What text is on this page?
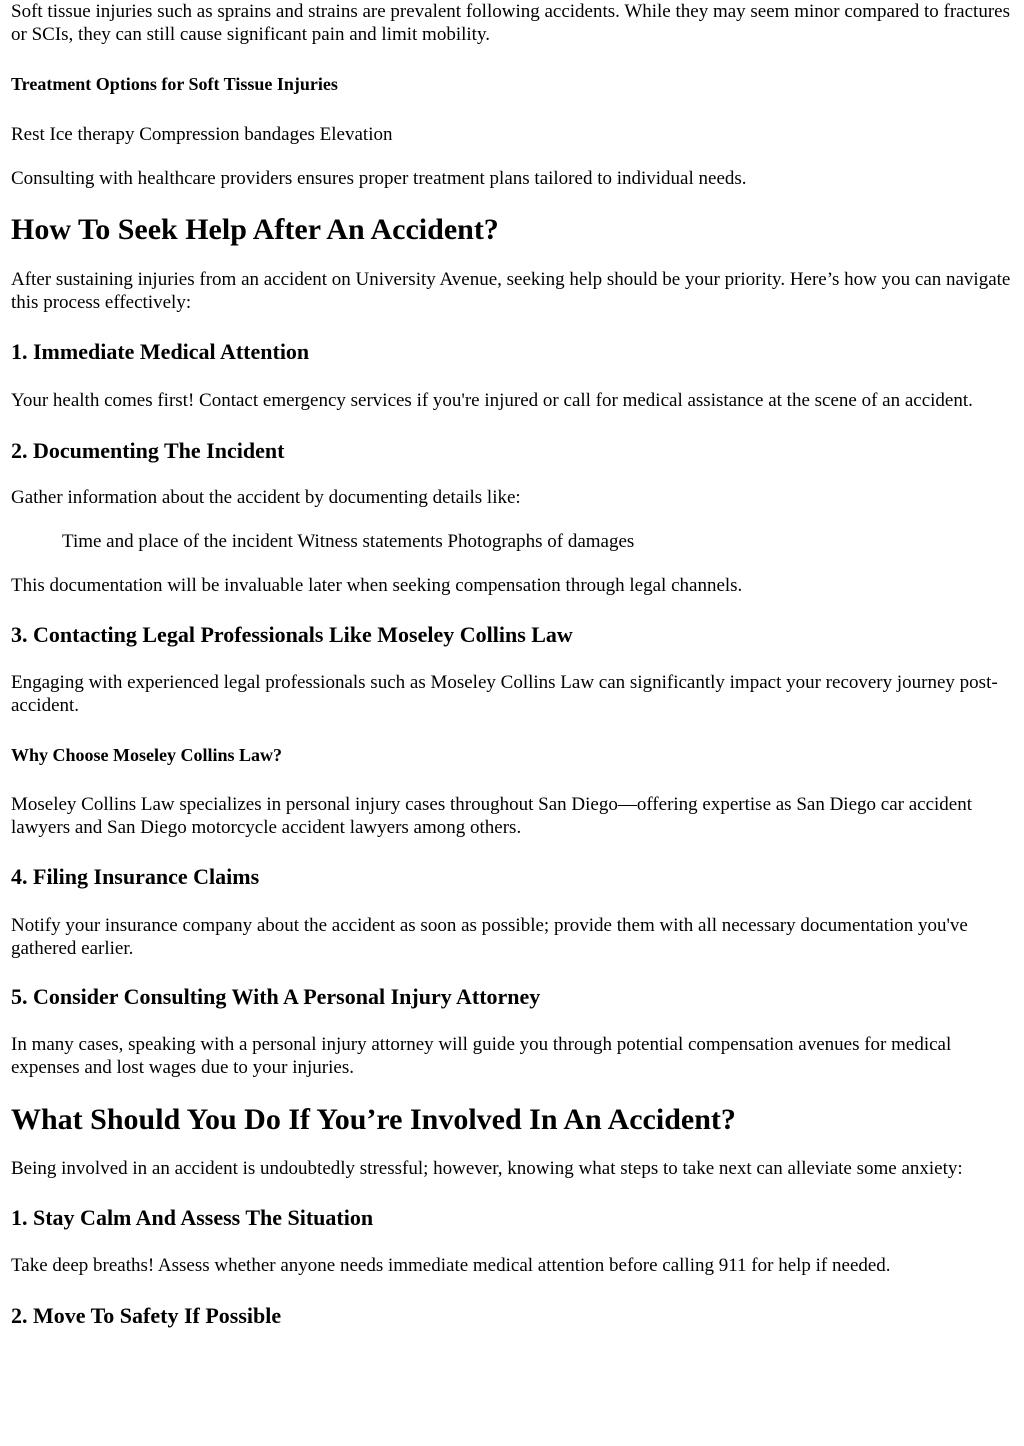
Soft tissue injuries such as sprains and strains are prevalent following accidents. While they may seem minor compared to fractures or SCIs, they can still cause significant pain and limit mobility.

Treatment Options for Soft Tissue Injuries

Rest Ice therapy Compression bandages Elevation

Consulting with healthcare providers ensures proper treatment plans tailored to individual needs.

How To Seek Help After An Accident?

After sustaining injuries from an accident on University Avenue, seeking help should be your priority. Here’s how you can navigate this process effectively:

1. Immediate Medical Attention

Your health comes first! Contact emergency services if you're injured or call for medical assistance at the scene of an accident.

2. Documenting The Incident

Gather information about the accident by documenting details like:

Time and place of the incident Witness statements Photographs of damages

This documentation will be invaluable later when seeking compensation through legal channels.

3. Contacting Legal Professionals Like Moseley Collins Law

Engaging with experienced legal professionals such as Moseley Collins Law can significantly impact your recovery journey post-accident.

Why Choose Moseley Collins Law?

Moseley Collins Law specializes in personal injury cases throughout San Diego—offering expertise as San Diego car accident lawyers and San Diego motorcycle accident lawyers among others.

4. Filing Insurance Claims

Notify your insurance company about the accident as soon as possible; provide them with all necessary documentation you've gathered earlier.

5. Consider Consulting With A Personal Injury Attorney

In many cases, speaking with a personal injury attorney will guide you through potential compensation avenues for medical expenses and lost wages due to your injuries.

What Should You Do If You’re Involved In An Accident?

Being involved in an accident is undoubtedly stressful; however, knowing what steps to take next can alleviate some anxiety:

1. Stay Calm And Assess The Situation

Take deep breaths! Assess whether anyone needs immediate medical attention before calling 911 for help if needed.

2. Move To Safety If Possible
